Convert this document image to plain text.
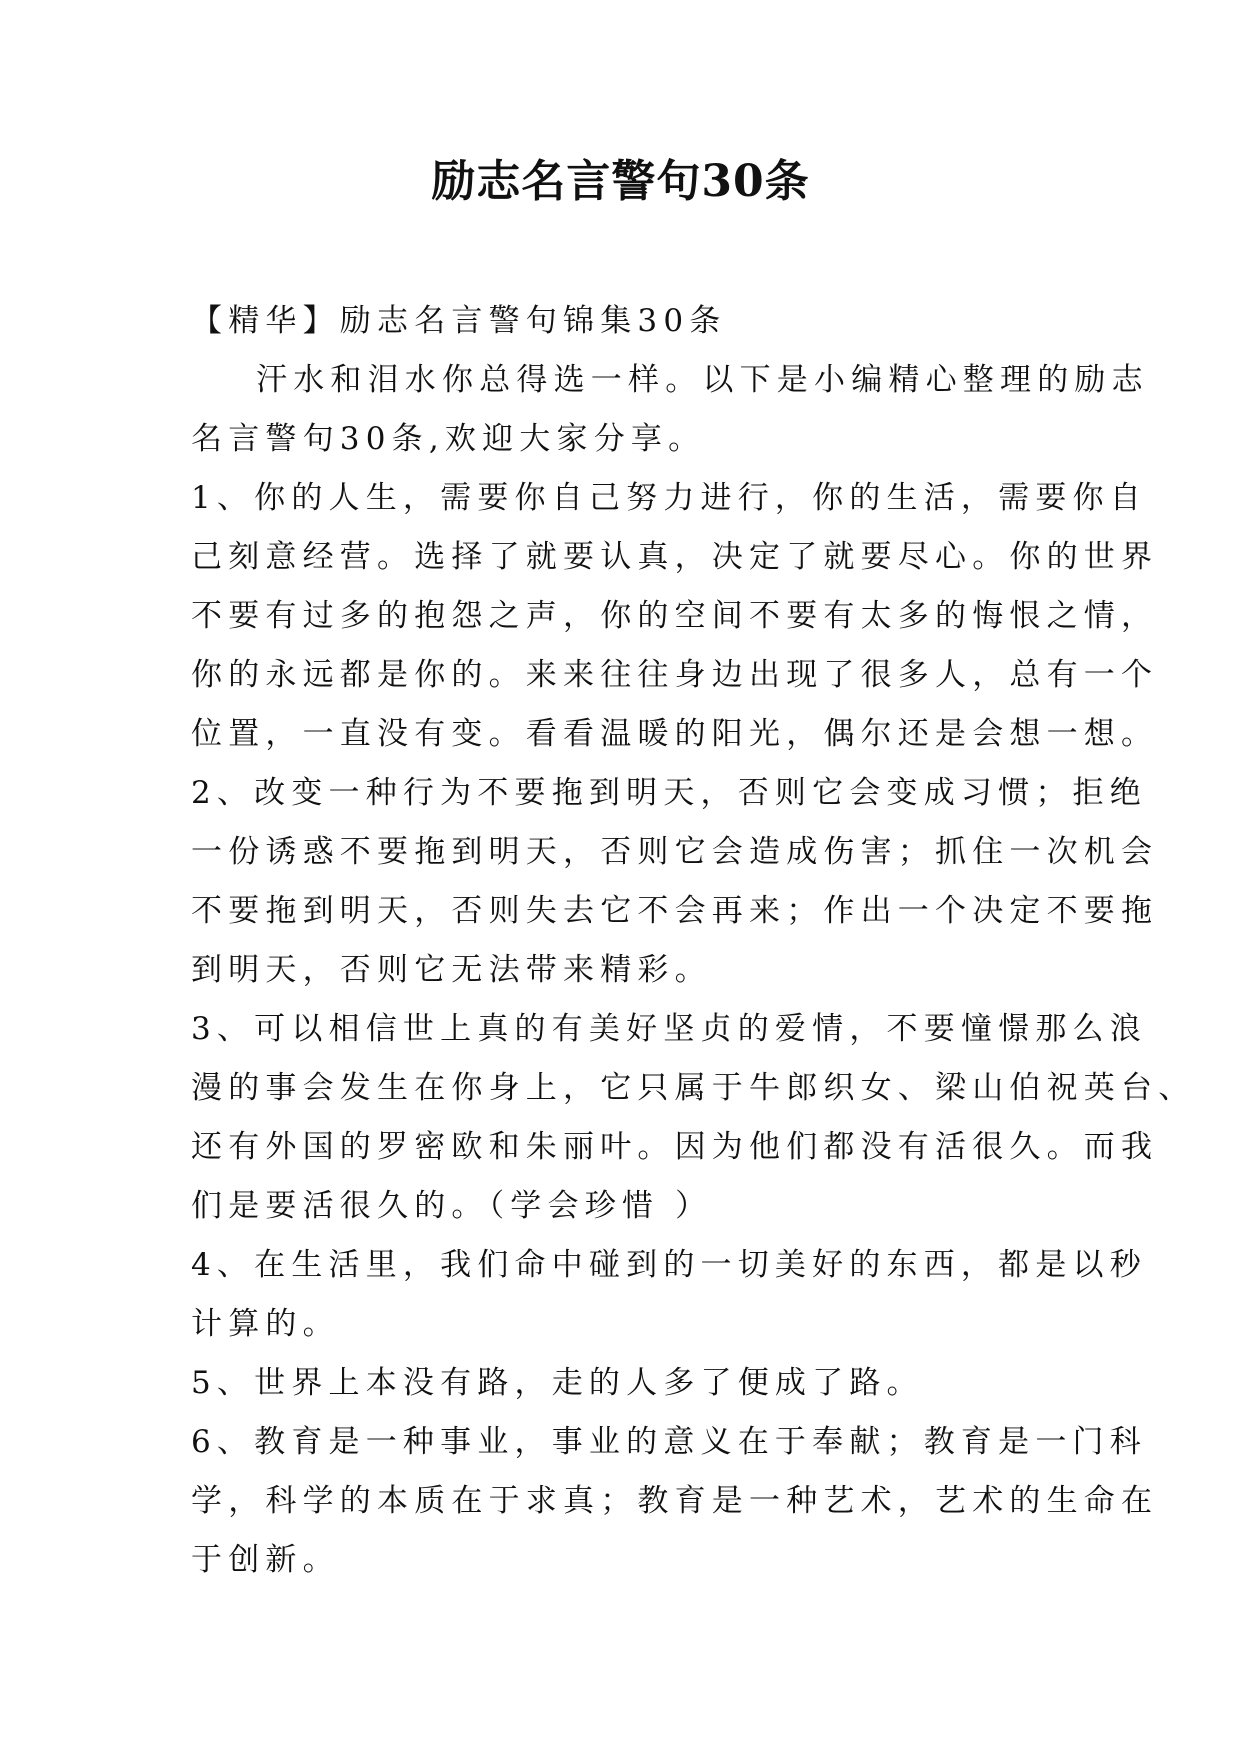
励志名言警句30条

【精华】励志名言警句锦集30条

汗水和泪水你总得选一样。以下是小编精心整理的励志

名言警句30条,欢迎大家分享。

1、你的人生，需要你自己努力进行，你的生活，需要你自

己刻意经营。选择了就要认真，决定了就要尽心。你的世界

不要有过多的抱怨之声，你的空间不要有太多的悔恨之情，

你的永远都是你的。来来往往身边出现了很多人，总有一个

位置，一直没有变。看看温暖的阳光，偶尔还是会想一想。

2、改变一种行为不要拖到明天，否则它会变成习惯；拒绝

一份诱惑不要拖到明天，否则它会造成伤害；抓住一次机会

不要拖到明天，否则失去它不会再来；作出一个决定不要拖

到明天，否则它无法带来精彩。

3、可以相信世上真的有美好坚贞的爱情，不要憧憬那么浪

漫的事会发生在你身上，它只属于牛郎织女、梁山伯祝英台、

还有外国的罗密欧和朱丽叶。因为他们都没有活很久。而我

们是要活很久的。（学会珍惜 ）

4、在生活里，我们命中碰到的一切美好的东西，都是以秒

计算的。

5、世界上本没有路，走的人多了便成了路。

6、教育是一种事业，事业的意义在于奉献；教育是一门科

学，科学的本质在于求真；教育是一种艺术，艺术的生命在

于创新。
